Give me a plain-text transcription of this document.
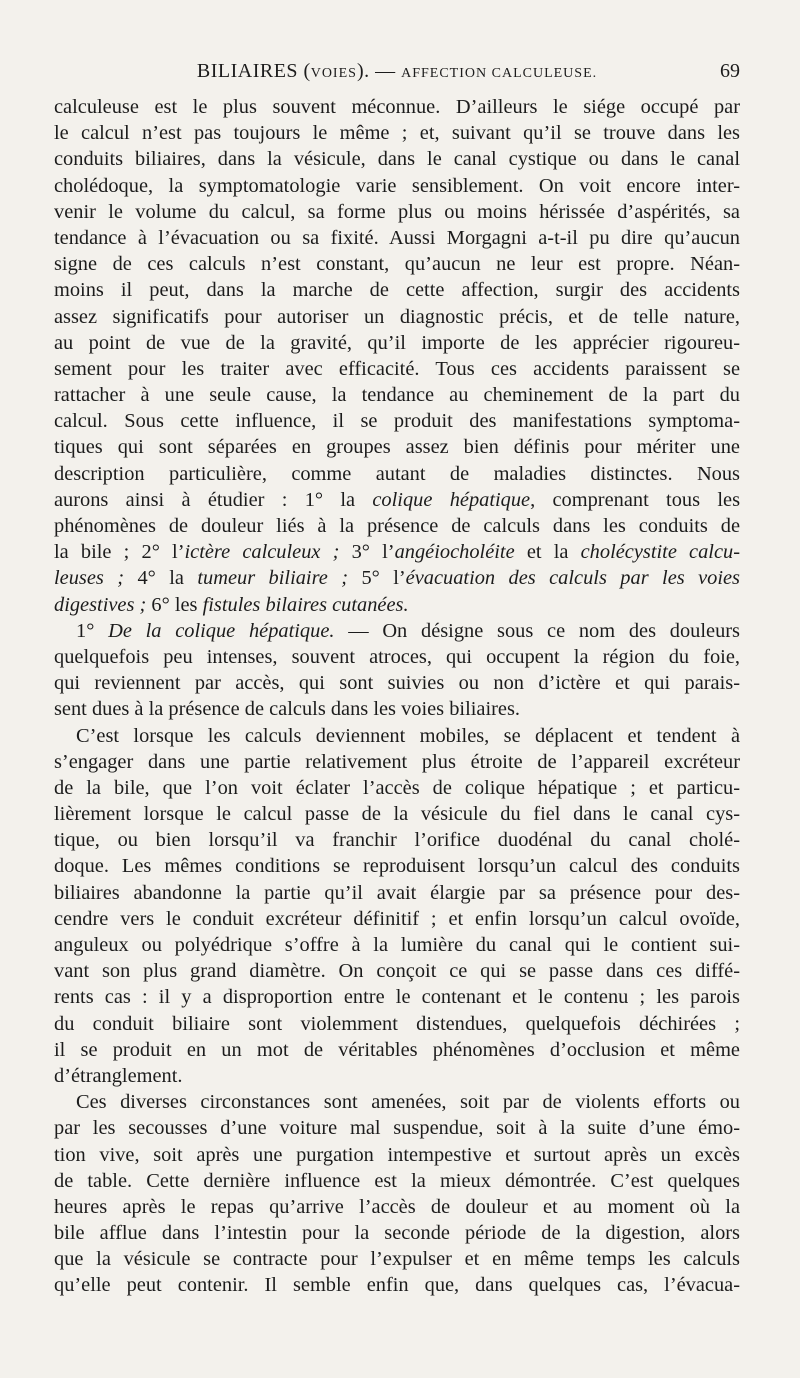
BILIAIRES (VOIES). — AFFECTION CALCULEUSE.	69
calculeuse est le plus souvent méconnue. D’ailleurs le siége occupé par
le calcul n’est pas toujours le même ; et, suivant qu’il se trouve dans les
conduits biliaires, dans la vésicule, dans le canal cystique ou dans le canal
cholédoque, la symptomatologie varie sensiblement. On voit encore inter-
venir le volume du calcul, sa forme plus ou moins hérissée d’aspérités, sa
tendance à l’évacuation ou sa fixité. Aussi Morgagni a-t-il pu dire qu’aucun
signe de ces calculs n’est constant, qu’aucun ne leur est propre. Néan-
moins il peut, dans la marche de cette affection, surgir des accidents
assez significatifs pour autoriser un diagnostic précis, et de telle nature,
au point de vue de la gravité, qu’il importe de les apprécier rigoureu-
sement pour les traiter avec efficacité. Tous ces accidents paraissent se
rattacher à une seule cause, la tendance au cheminement de la part du
calcul. Sous cette influence, il se produit des manifestations symptoma-
tiques qui sont séparées en groupes assez bien définis pour mériter une
description particulière, comme autant de maladies distinctes. Nous
aurons ainsi à étudier : 1° la colique hépatique, comprenant tous les
phénomènes de douleur liés à la présence de calculs dans les conduits de
la bile ; 2° l’ictère calculeux ; 3° l’angéiocholéite et la cholécystite calcu-
leuses ; 4° la tumeur biliaire ; 5° l’évacuation des calculs par les voies
digestives ; 6° les fistules bilaires cutanées.
1° De la colique hépatique. — On désigne sous ce nom des douleurs
quelquefois peu intenses, souvent atroces, qui occupent la région du foie,
qui reviennent par accès, qui sont suivies ou non d’ictère et qui parais-
sent dues à la présence de calculs dans les voies biliaires.
C’est lorsque les calculs deviennent mobiles, se déplacent et tendent à
s’engager dans une partie relativement plus étroite de l’appareil excréteur
de la bile, que l’on voit éclater l’accès de colique hépatique ; et particu-
lièrement lorsque le calcul passe de la vésicule du fiel dans le canal cys-
tique, ou bien lorsqu’il va franchir l’orifice duodénal du canal cholé-
doque. Les mêmes conditions se reproduisent lorsqu’un calcul des conduits
biliaires abandonne la partie qu’il avait élargie par sa présence pour des-
cendre vers le conduit excréteur définitif ; et enfin lorsqu’un calcul ovoïde,
anguleux ou polyédrique s’offre à la lumière du canal qui le contient sui-
vant son plus grand diamètre. On conçoit ce qui se passe dans ces diffé-
rents cas : il y a disproportion entre le contenant et le contenu ; les parois
du conduit biliaire sont violemment distendues, quelquefois déchirées ;
il se produit en un mot de véritables phénomènes d’occlusion et même
d’étranglement.
Ces diverses circonstances sont amenées, soit par de violents efforts ou
par les secousses d’une voiture mal suspendue, soit à la suite d’une émo-
tion vive, soit après une purgation intempestive et surtout après un excès
de table. Cette dernière influence est la mieux démontrée. C’est quelques
heures après le repas qu’arrive l’accès de douleur et au moment où la
bile afflue dans l’intestin pour la seconde période de la digestion, alors
que la vésicule se contracte pour l’expulser et en même temps les calculs
qu’elle peut contenir. Il semble enfin que, dans quelques cas, l’évacua-
